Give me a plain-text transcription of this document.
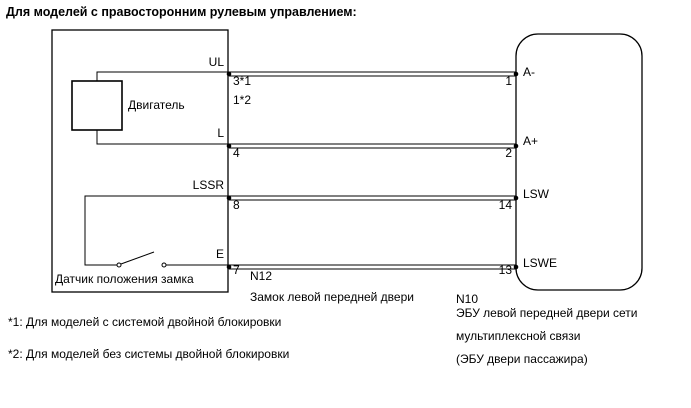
Для моделей с правосторонним рулевым управлением:
Двигатель
Датчик положения замка
UL
L
LSSR
E
3*1
1*2
4
8
7
1
2
14
13
A-
A+
LSW
LSWE
N12
Замок левой передней двери	N10
ЭБУ левой передней двери сети
мультиплексной связи
(ЭБУ двери пассажира)
*1: Для моделей с системой двойной блокировки
*2: Для моделей без системы двойной блокировки
